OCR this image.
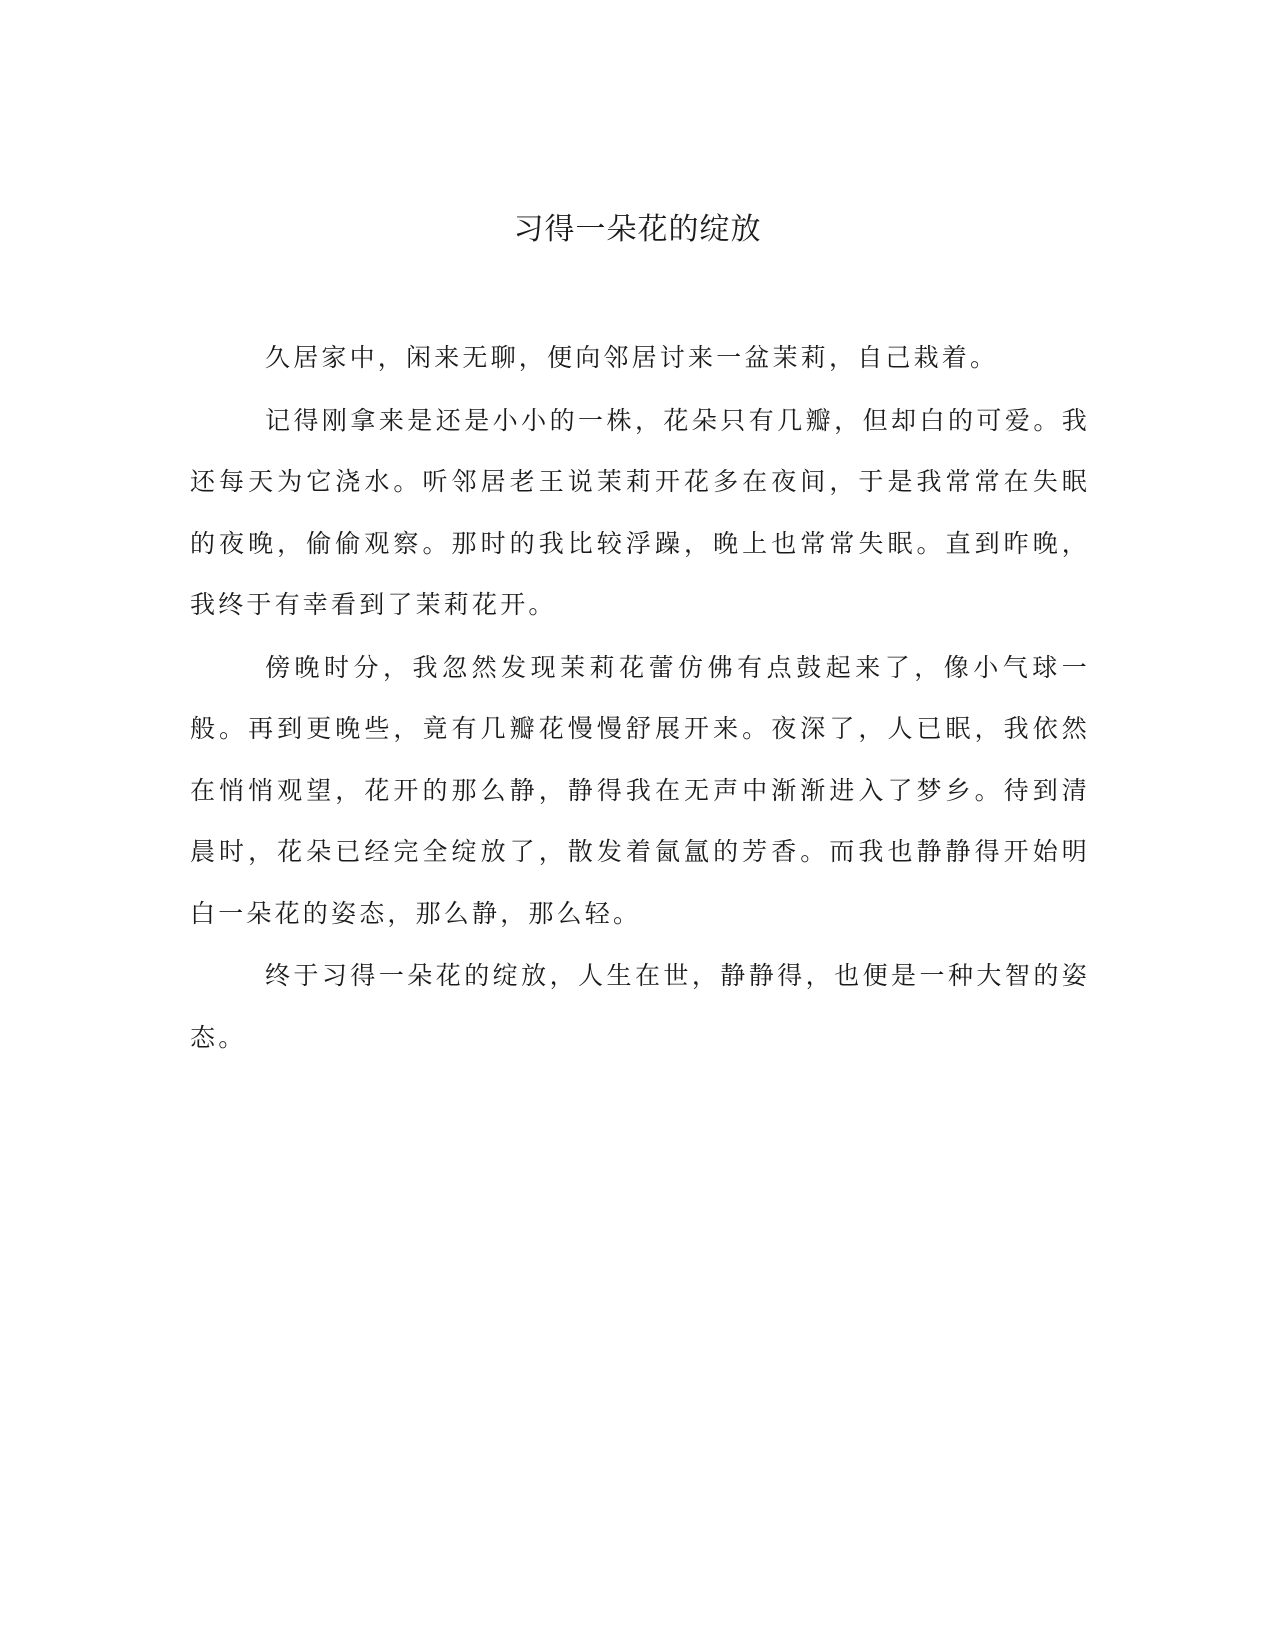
习得一朵花的绽放

久居家中，闲来无聊，便向邻居讨来一盆茉莉，自己栽着。

记得刚拿来是还是小小的一株，花朵只有几瓣，但却白的可爱。我还每天为它浇水。听邻居老王说茉莉开花多在夜间，于是我常常在失眠的夜晚，偷偷观察。那时的我比较浮躁，晚上也常常失眠。直到昨晚，我终于有幸看到了茉莉花开。

傍晚时分，我忽然发现茉莉花蕾仿佛有点鼓起来了，像小气球一般。再到更晚些，竟有几瓣花慢慢舒展开来。夜深了，人已眠，我依然在悄悄观望，花开的那么静，静得我在无声中渐渐进入了梦乡。待到清晨时，花朵已经完全绽放了，散发着氤氲的芳香。而我也静静得开始明白一朵花的姿态，那么静，那么轻。

终于习得一朵花的绽放，人生在世，静静得，也便是一种大智的姿态。
